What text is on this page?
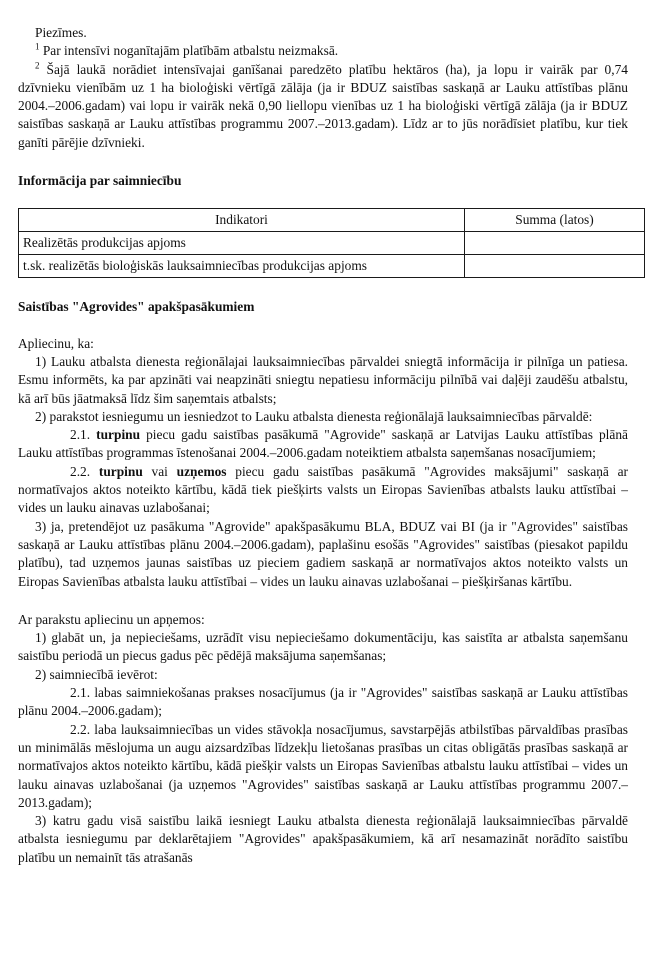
Piezīmes.

$^1$ Par intensīvi noganītajām platībām atbalstu neizmaksā.

$^2$ Šajā laukā norādiet intensīvajai ganīšanai paredzēto platību hektāros (ha), ja lopu ir vairāk par 0,74 dzīvnieku vienībām uz 1 ha bioloģiski vērtīgā zālāja (ja ir BDUZ saistības saskaņā ar Lauku attīstības plānu 2004.–2006.gadam) vai lopu ir vairāk nekā 0,90 liellopu vienības uz 1 ha bioloģiski vērtīgā zālāja (ja ir BDUZ saistības saskaņā ar Lauku attīstības programmu 2007.–2013.gadam). Līdz ar to jūs norādīsiet platību, kur tiek ganīti pārējie dzīvnieki.

Informācija par saimniecību
Indikatori	Summa (latos)
Realizētās produkcijas apjoms	
t.sk. realizētās bioloģiskās lauksaimniecības produkcijas apjoms	
Saistības "Agrovides" apakšpasākumiem

Apliecinu, ka:

1) Lauku atbalsta dienesta reģionālajai lauksaimniecības pārvaldei sniegtā informācija ir pilnīga un patiesa. Esmu informēts, ka par apzināti vai neapzināti sniegtu nepatiesu informāciju pilnībā vai daļēji zaudēšu atbalstu, kā arī būs jāatmaksā līdz šim saņemtais atbalsts;

2) parakstot iesniegumu un iesniedzot to Lauku atbalsta dienesta reģionālajā lauksaimniecības pārvaldē:

2.1. turpinu piecu gadu saistības pasākumā "Agrovide" saskaņā ar Latvijas Lauku attīstības plānā Lauku attīstības programmas īstenošanai 2004.–2006.gadam noteiktiem atbalsta saņemšanas nosacījumiem;

2.2. turpinu vai uzņemos piecu gadu saistības pasākumā "Agrovides maksājumi" saskaņā ar normatīvajos aktos noteikto kārtību, kādā tiek piešķirts valsts un Eiropas Savienības atbalsts lauku attīstībai – vides un lauku ainavas uzlabošanai;

3) ja, pretendējot uz pasākuma "Agrovide" apakšpasākumu BLA, BDUZ vai BI (ja ir "Agrovides" saistības saskaņā ar Lauku attīstības plānu 2004.–2006.gadam), paplašinu esošās "Agrovides" saistības (piesakot papildu platību), tad uzņemos jaunas saistības uz pieciem gadiem saskaņā ar normatīvajos aktos noteikto valsts un Eiropas Savienības atbalsta lauku attīstībai – vides un lauku ainavas uzlabošanai – piešķiršanas kārtību.

Ar parakstu apliecinu un apņemos:

1) glabāt un, ja nepieciešams, uzrādīt visu nepieciešamo dokumentāciju, kas saistīta ar atbalsta saņemšanu saistību periodā un piecus gadus pēc pēdējā maksājuma saņemšanas;

2) saimniecībā ievērot:

2.1. labas saimniekošanas prakses nosacījumus (ja ir "Agrovides" saistības saskaņā ar Lauku attīstības plānu 2004.–2006.gadam);

2.2. laba lauksaimniecības un vides stāvokļa nosacījumus, savstarpējās atbilstības pārvaldības prasības un minimālās mēslojuma un augu aizsardzības līdzekļu lietošanas prasības un citas obligātās prasības saskaņā ar normatīvajos aktos noteikto kārtību, kādā piešķir valsts un Eiropas Savienības atbalstu lauku attīstībai – vides un lauku ainavas uzlabošanai (ja uzņemos "Agrovides" saistības saskaņā ar Lauku attīstības programmu 2007.–2013.gadam);

3) katru gadu visā saistību laikā iesniegt Lauku atbalsta dienesta reģionālajā lauksaimniecības pārvaldē atbalsta iesniegumu par deklarētajiem "Agrovides" apakšpasākumiem, kā arī nesamazināt norādīto saistību platību un nemainīt tās atrašanās
